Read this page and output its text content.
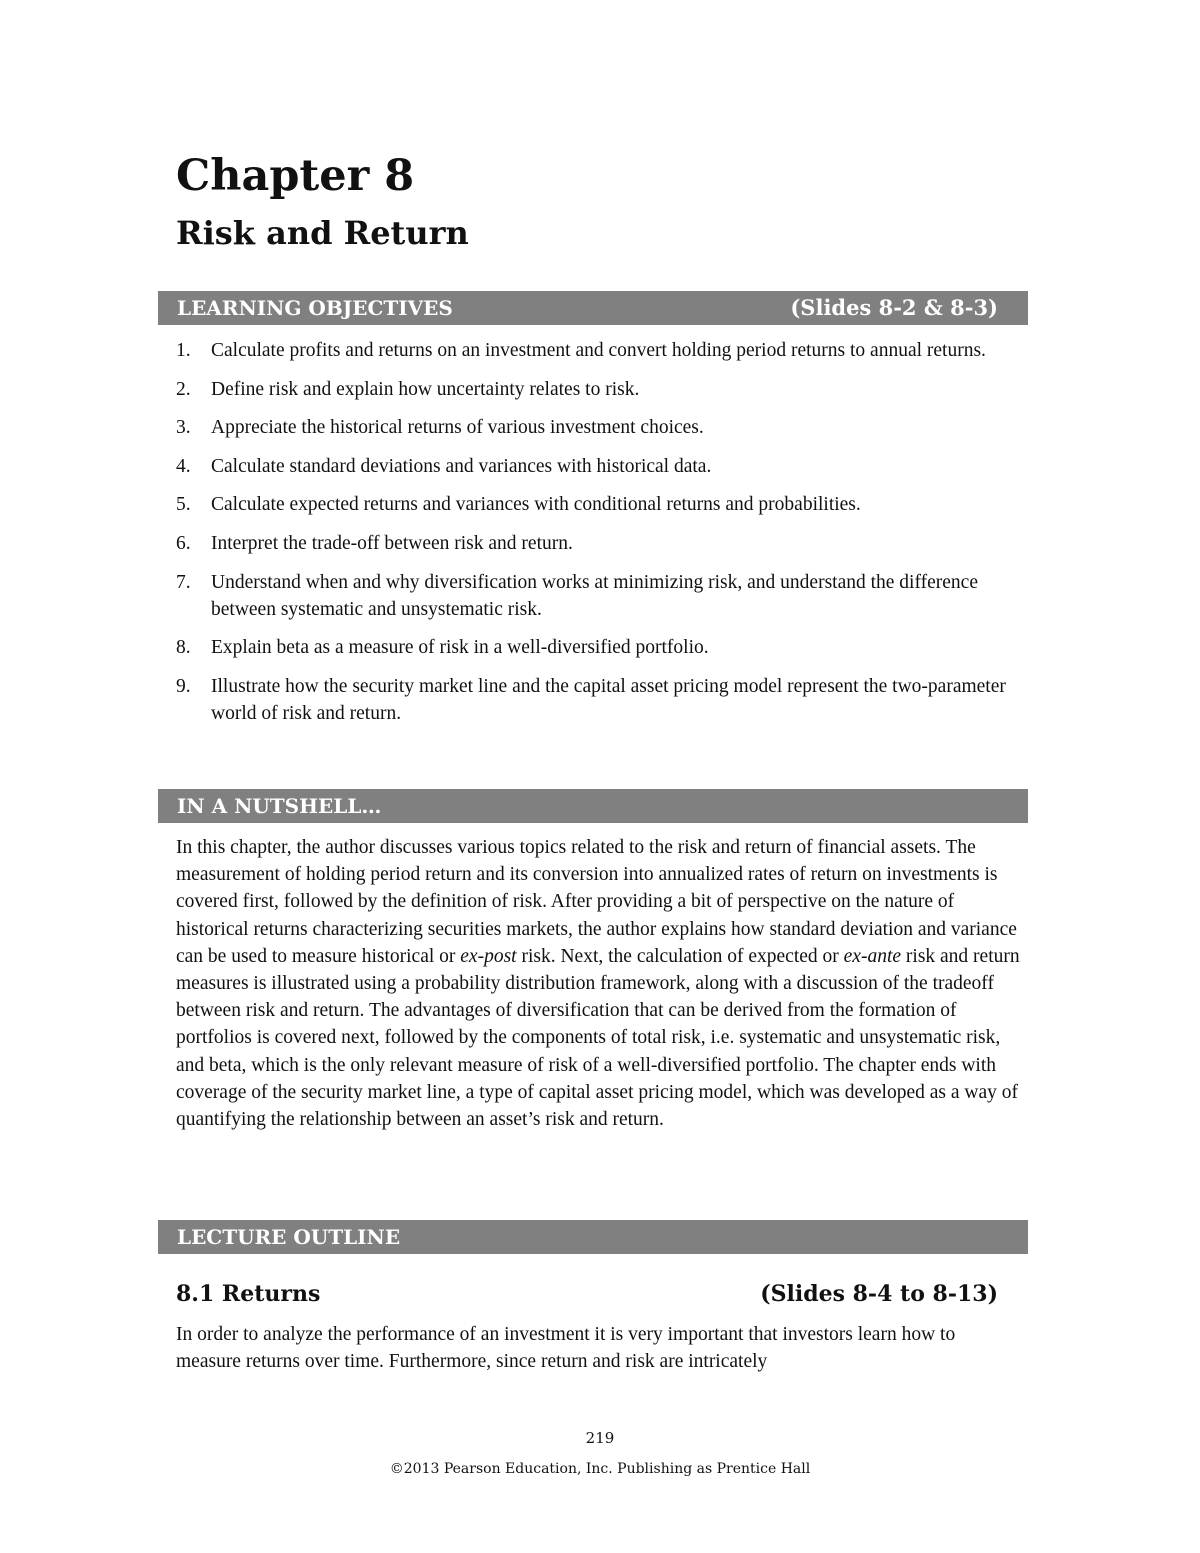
Chapter 8
Risk and Return
LEARNING OBJECTIVES	(Slides 8-2 & 8-3)
1.	Calculate profits and returns on an investment and convert holding period returns to annual returns.
2.	Define risk and explain how uncertainty relates to risk.
3.	Appreciate the historical returns of various investment choices.
4.	Calculate standard deviations and variances with historical data.
5.	Calculate expected returns and variances with conditional returns and probabilities.
6.	Interpret the trade-off between risk and return.
7.	Understand when and why diversification works at minimizing risk, and understand the difference between systematic and unsystematic risk.
8.	Explain beta as a measure of risk in a well-diversified portfolio.
9.	Illustrate how the security market line and the capital asset pricing model represent the two-parameter world of risk and return.
IN A NUTSHELL…

In this chapter, the author discusses various topics related to the risk and return of financial assets. The measurement of holding period return and its conversion into annualized rates of return on investments is covered first, followed by the definition of risk. After providing a bit of perspective on the nature of historical returns characterizing securities markets, the author explains how standard deviation and variance can be used to measure historical or ex-post risk. Next, the calculation of expected or ex-ante risk and return measures is illustrated using a probability distribution framework, along with a discussion of the tradeoff between risk and return. The advantages of diversification that can be derived from the formation of portfolios is covered next, followed by the components of total risk, i.e. systematic and unsystematic risk, and beta, which is the only relevant measure of risk of a well-diversified portfolio. The chapter ends with coverage of the security market line, a type of capital asset pricing model, which was developed as a way of quantifying the relationship between an asset’s risk and return.

LECTURE OUTLINE
8.1 Returns	(Slides 8-4 to 8-13)

In order to analyze the performance of an investment it is very important that investors learn how to measure returns over time. Furthermore, since return and risk are intricately

219
©2013 Pearson Education, Inc. Publishing as Prentice Hall
